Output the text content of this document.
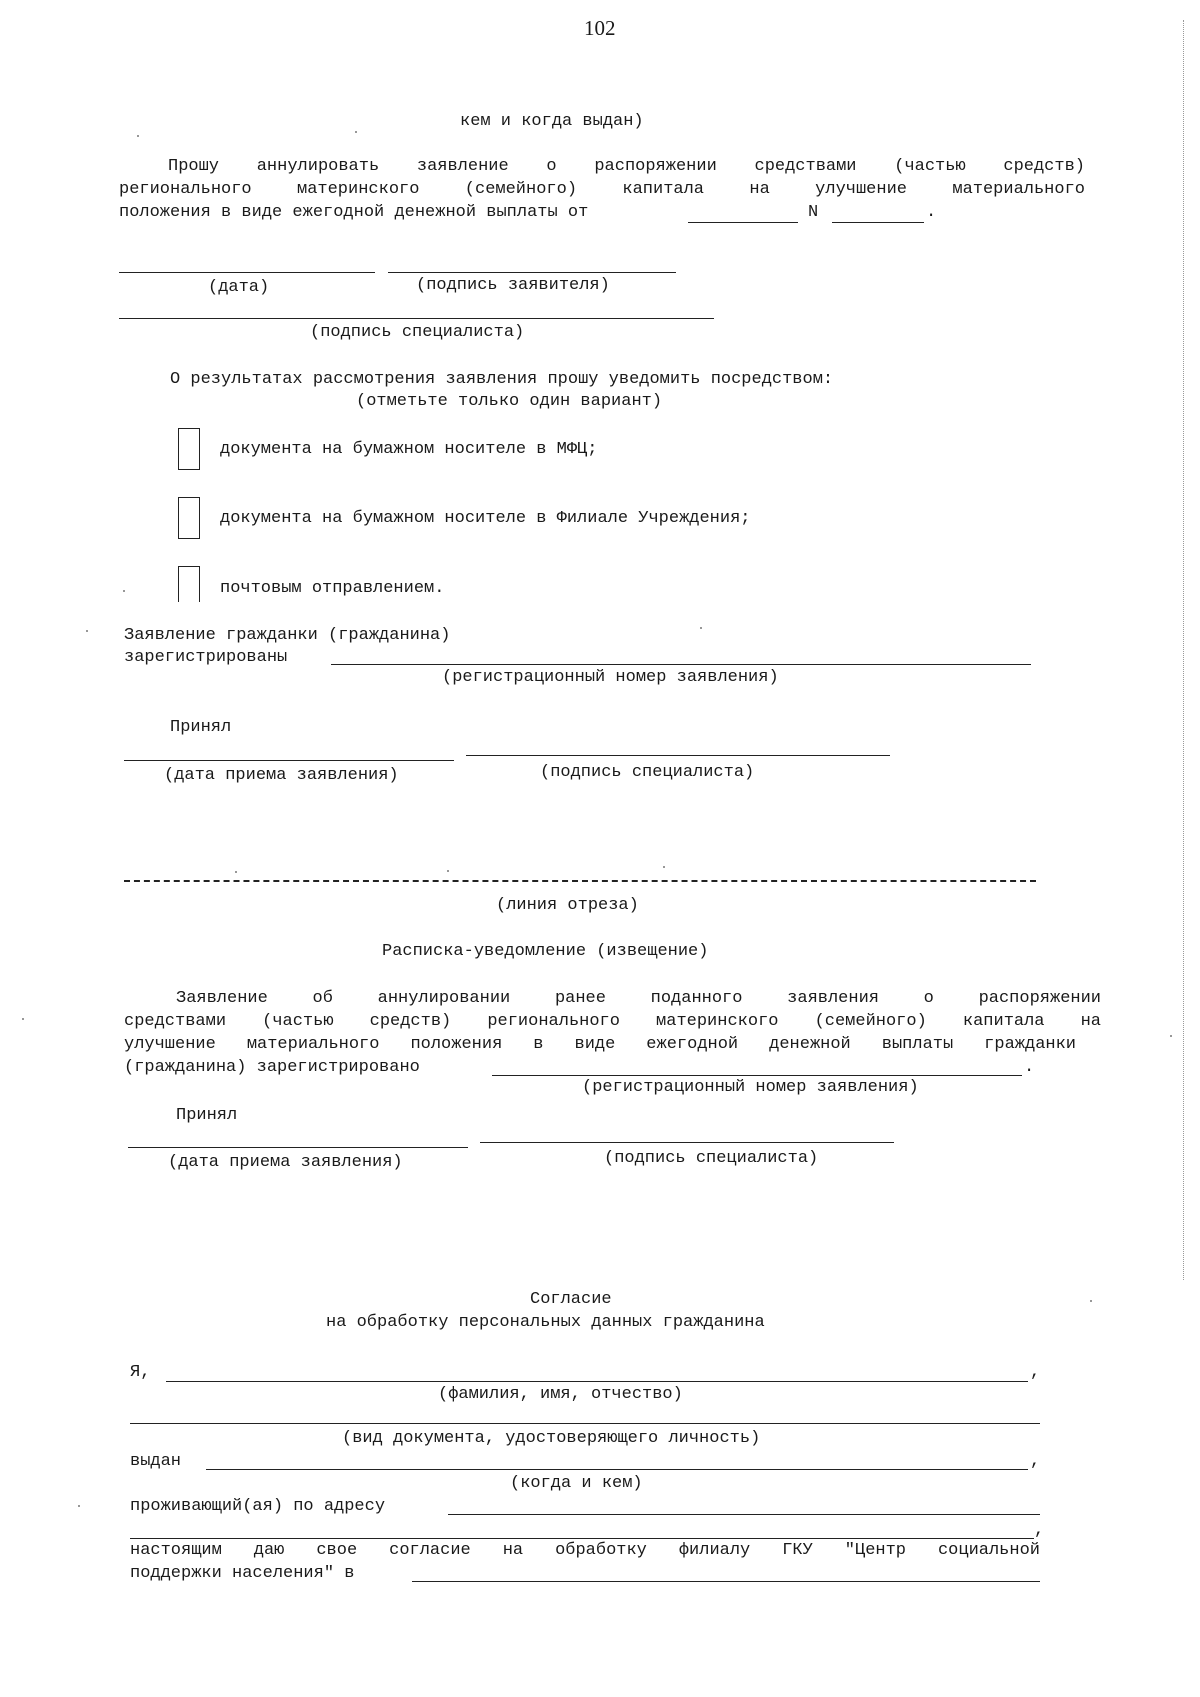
102
кем и когда выдан)
Прошу аннулировать заявление о распоряжении средствами (частью средств)
регионального материнского (семейного) капитала на улучшение материального
положения в виде ежегодной денежной выплаты от	N	.
(дата)	(подпись заявителя)
(подпись специалиста)
О результатах рассмотрения заявления прошу уведомить посредством:
(отметьте только один вариант)
документа на бумажном носителе в МФЦ;
документа на бумажном носителе в Филиале Учреждения;
почтовым отправлением.
Заявление гражданки (гражданина)
зарегистрированы
(регистрационный номер заявления)
Принял
(дата приема заявления)	(подпись специалиста)
(линия отреза)
Расписка-уведомление (извещение)
Заявление об аннулировании ранее поданного заявления о распоряжении
средствами (частью средств) регионального материнского (семейного) капитала на
улучшение материального положения в виде ежегодной денежной выплаты гражданки
(гражданина) зарегистрировано	.
(регистрационный номер заявления)
Принял
(дата приема заявления)	(подпись специалиста)
Согласие
на обработку персональных данных гражданина
Я,	,
(фамилия, имя, отчество)
(вид документа, удостоверяющего личность)
выдан	,
(когда и кем)
проживающий(ая) по адресу
,
настоящим даю свое согласие на обработку филиалу ГКУ "Центр социальной
поддержки населения" в
